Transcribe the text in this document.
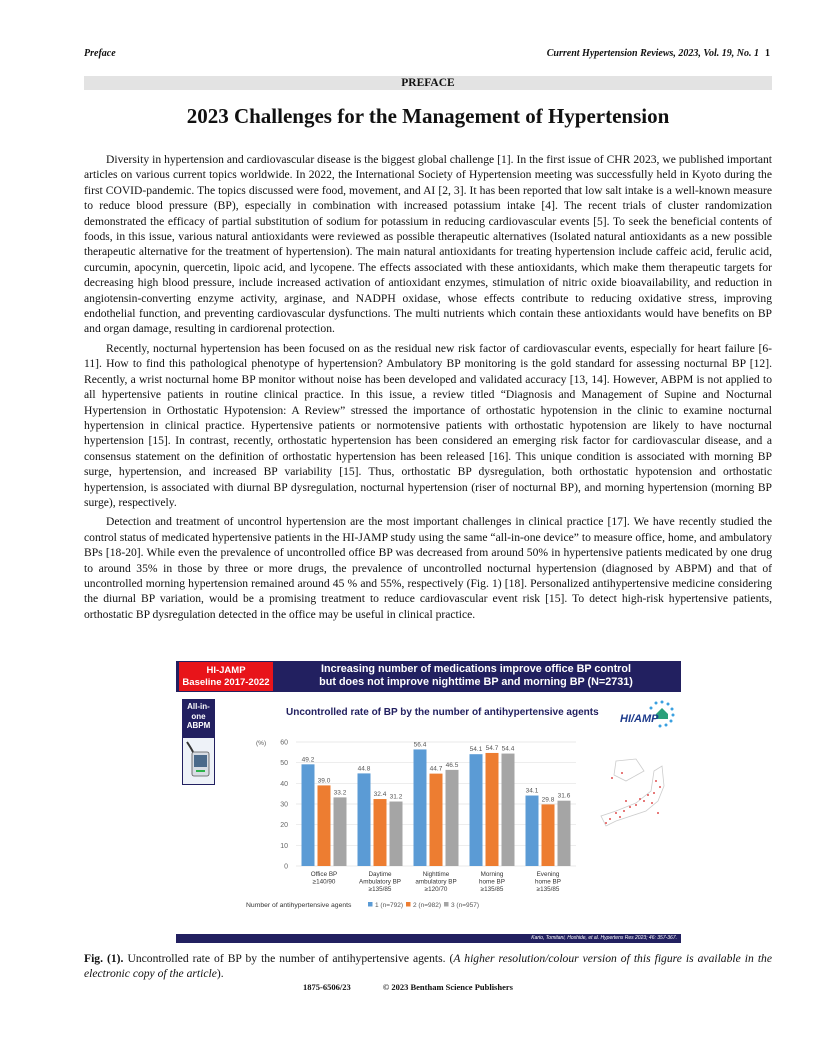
Preface	Current Hypertension Reviews, 2023, Vol. 19, No. 1 1
PREFACE
2023 Challenges for the Management of Hypertension

Diversity in hypertension and cardiovascular disease is the biggest global challenge [1]. In the first issue of CHR 2023, we published important articles on various current topics worldwide. In 2022, the International Society of Hypertension meeting was successfully held in Kyoto during the first COVID-pandemic. The topics discussed were food, movement, and AI [2, 3]. It has been reported that low salt intake is a well-known measure to reduce blood pressure (BP), especially in combination with increased potassium intake [4]. The recent trials of cluster randomization demonstrated the efficacy of partial substitution of sodium for potassium in reducing cardiovascular events [5]. To seek the beneficial contents of foods, in this issue, various natural antioxidants were reviewed as possible therapeutic alternatives (Isolated natural antioxidants as a new possible therapeutic alternative for the treatment of hypertension). The main natural antioxidants for treating hypertension include caffeic acid, ferulic acid, curcumin, apocynin, quercetin, lipoic acid, and lycopene. The effects associated with these antioxidants, which make them therapeutic targets for decreasing high blood pressure, include increased activation of antioxidant enzymes, stimulation of nitric oxide bioavailability, and reduction in angiotensin-converting enzyme activity, arginase, and NADPH oxidase, whose effects contribute to reducing oxidative stress, improving endothelial function, and preventing cardiovascular dysfunctions. The multi nutrients which contain these antioxidants would have benefits on BP and organ damage, resulting in cardiorenal protection.

Recently, nocturnal hypertension has been focused on as the residual new risk factor of cardiovascular events, especially for heart failure [6-11]. How to find this pathological phenotype of hypertension? Ambulatory BP monitoring is the gold standard for assessing nocturnal BP [12]. Recently, a wrist nocturnal home BP monitor without noise has been developed and validated accuracy [13, 14]. However, ABPM is not applied to all hypertensive patients in routine clinical practice. In this issue, a review titled “Diagnosis and Management of Supine and Nocturnal Hypertension in Orthostatic Hypotension: A Review” stressed the importance of orthostatic hypotension in the clinic to examine nocturnal hypertension in clinical practice. Hypertensive patients or normotensive patients with orthostatic hypotension are likely to have nocturnal hypertension [15]. In contrast, recently, orthostatic hypertension has been considered an emerging risk factor for cardiovascular disease, and a consensus statement on the definition of orthostatic hypertension has been released [16]. This unique condition is associated with morning BP surge, hypertension, and increased BP variability [15]. Thus, orthostatic BP dysregulation, both orthostatic hypotension and orthostatic hypertension, is associated with diurnal BP dysregulation, nocturnal hypertension (riser of nocturnal BP), and morning hypertension (morning BP surge), respectively.

Detection and treatment of uncontrol hypertension are the most important challenges in clinical practice [17]. We have recently studied the control status of medicated hypertensive patients in the HI-JAMP study using the same “all-in-one device” to measure office, home, and ambulatory BPs [18-20]. While even the prevalence of uncontrolled office BP was decreased from around 50% in hypertensive patients medicated by one drug to around 35% in those by three or more drugs, the prevalence of uncontrolled nocturnal hypertension (diagnosed by ABPM) and that of uncontrolled morning hypertension remained around 45 % and 55%, respectively (Fig. 1) [18]. Personalized antihypertensive medicine considering the diurnal BP variation, would be a promising treatment to reduce cardiovascular event risk [15]. To detect high-risk hypertensive patients, orthostatic BP dysregulation detected in the office may be useful in clinical practice.

HI-JAMP
Baseline 2017-2022
Increasing number of medications improve office BP control
but does not improve nighttime BP and morning BP (N=2731)
All-in-
one
ABPM
Uncontrolled rate of BP by the number of antihypertensive agents
HI/AMP
(%)
0
10
20
30
40
50
60
49.2
39.0
33.2
Office BP
≥140/90
44.8
32.4 31.2
Daytime
Ambulatory BP
≥135/85
56.4
44.7
46.5
Nighttime
ambulatory BP
≥120/70
54.1 54.7 54.4
Morning
home BP
≥135/85
34.1
29.8
31.6
Evening
home BP
≥135/85
Number of antihypertensive agents	1 (n=792) 2 (n=982) 3 (n=957)
Kario, Tomitani, Hoshide, et al. Hypertens Res 2023; 46: 357-367.
Fig. (1). Uncontrolled rate of BP by the number of antihypertensive agents. (A higher resolution/colour version of this figure is available in the electronic copy of the article).
1875-6506/23	© 2023 Bentham Science Publishers
